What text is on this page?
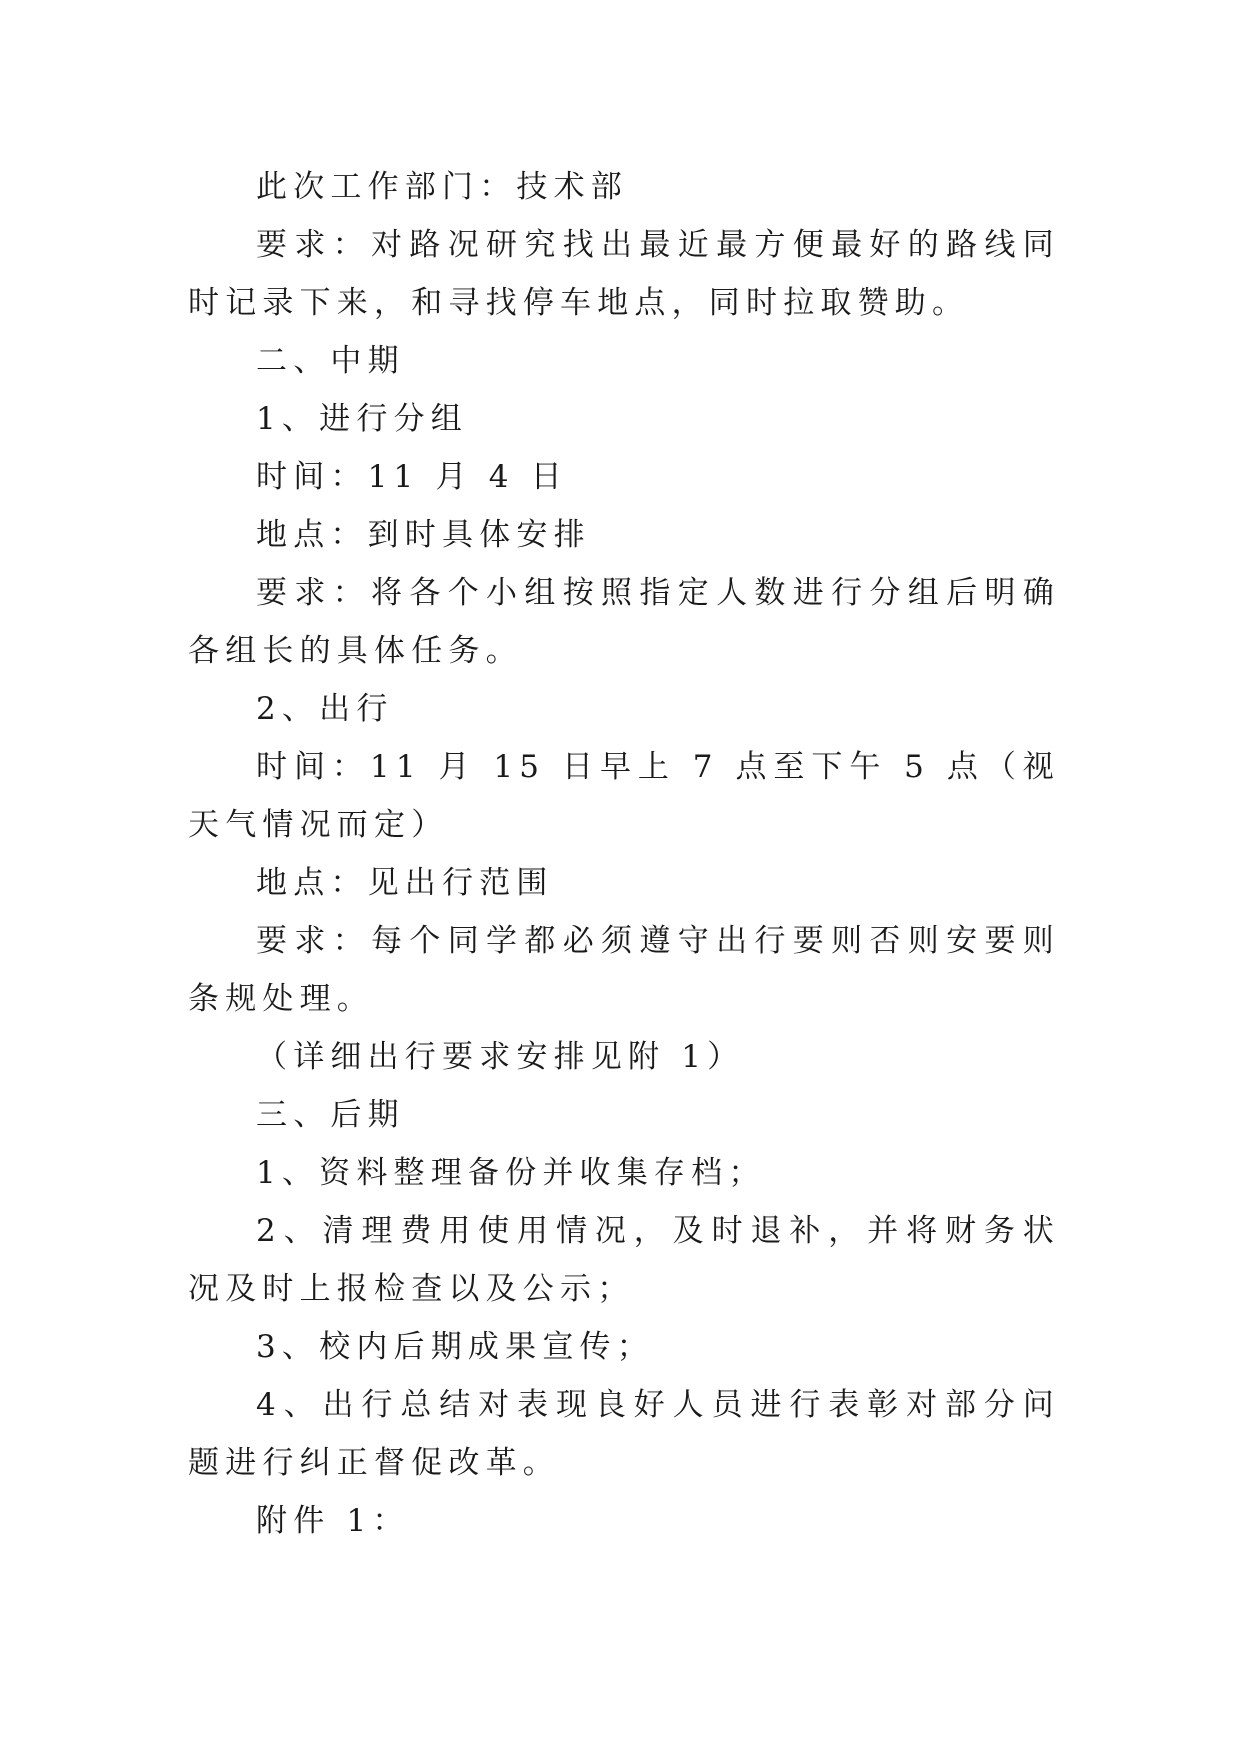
此次工作部门：技术部

要求：对路况研究找出最近最方便最好的路线同时记录下来，和寻找停车地点，同时拉取赞助。

二、中期

1、进行分组

时间：11 月 4 日

地点：到时具体安排

要求：将各个小组按照指定人数进行分组后明确各组长的具体任务。

2、出行

时间：11 月 15 日早上 7 点至下午 5 点（视天气情况而定）

地点：见出行范围

要求：每个同学都必须遵守出行要则否则安要则条规处理。

（详细出行要求安排见附 1）

三、后期

1、资料整理备份并收集存档；

2、清理费用使用情况，及时退补，并将财务状况及时上报检查以及公示；

3、校内后期成果宣传；

4、出行总结对表现良好人员进行表彰对部分问题进行纠正督促改革。

附件 1：
